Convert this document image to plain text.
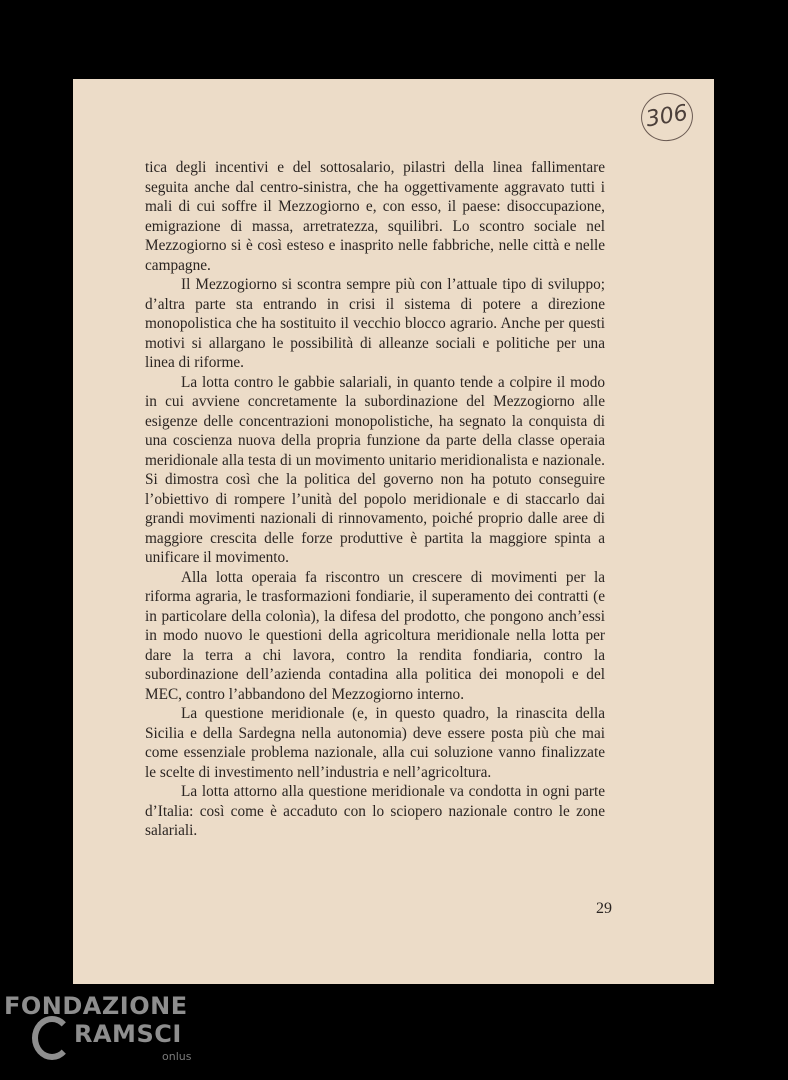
306

tica degli incentivi e del sottosalario, pilastri della linea fallimentare seguita anche dal centro-sinistra, che ha oggettivamente aggravato tutti i mali di cui soffre il Mezzogiorno e, con esso, il paese: disoccupazione, emigrazione di massa, arretratezza, squilibri. Lo scontro sociale nel Mezzogiorno si è così esteso e inasprito nelle fabbriche, nelle città e nelle campagne.

Il Mezzogiorno si scontra sempre più con l’attuale tipo di sviluppo; d’altra parte sta entrando in crisi il sistema di potere a direzione monopolistica che ha sostituito il vecchio blocco agrario. Anche per questi motivi si allargano le possibilità di alleanze sociali e politiche per una linea di riforme.

La lotta contro le gabbie salariali, in quanto tende a colpire il modo in cui avviene concretamente la subordinazione del Mezzogiorno alle esigenze delle concentrazioni monopolistiche, ha segnato la conquista di una coscienza nuova della propria funzione da parte della classe operaia meridionale alla testa di un movimento unitario meridionalista e nazionale. Si dimostra così che la politica del governo non ha potuto conseguire l’obiettivo di rompere l’unità del popolo meridionale e di staccarlo dai grandi movimenti nazionali di rinnovamento, poiché proprio dalle aree di maggiore crescita delle forze produttive è partita la maggiore spinta a unificare il movimento.

Alla lotta operaia fa riscontro un crescere di movimenti per la riforma agraria, le trasformazioni fondiarie, il superamento dei contratti (e in particolare della colonìa), la difesa del prodotto, che pongono anch’essi in modo nuovo le questioni della agricoltura meridionale nella lotta per dare la terra a chi lavora, contro la rendita fondiaria, contro la subordinazione dell’azienda contadina alla politica dei monopoli e del MEC, contro l’abbandono del Mezzogiorno interno.

La questione meridionale (e, in questo quadro, la rinascita della Sicilia e della Sardegna nella autonomia) deve essere posta più che mai come essenziale problema nazionale, alla cui soluzione vanno finalizzate le scelte di investimento nell’industria e nell’agricoltura.

La lotta attorno alla questione meridionale va condotta in ogni parte d’Italia: così come è accaduto con lo sciopero nazionale contro le zone salariali.

29
FONDAZIONE
RAMSCI
onlus
